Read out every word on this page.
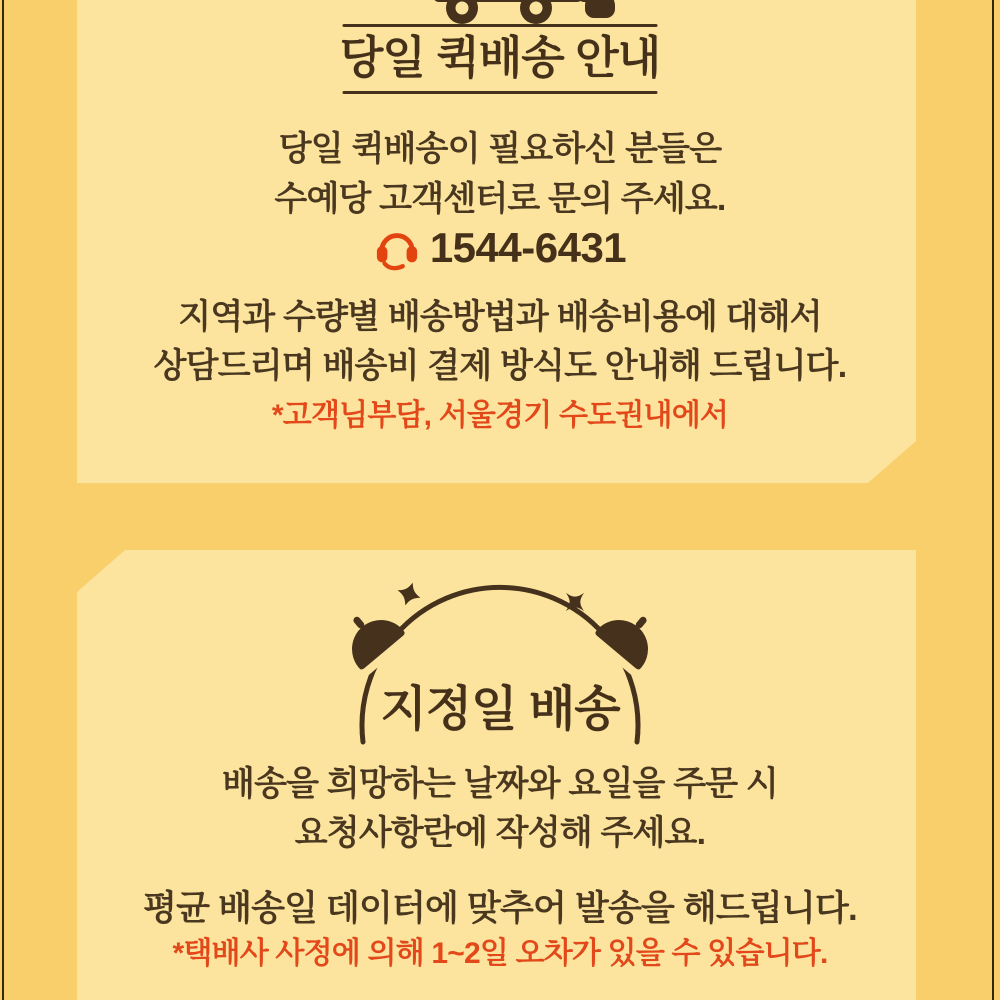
당일 퀵배송 안내
당일 퀵배송이 필요하신 분들은
수예당 고객센터로 문의 주세요.
1544-6431
지역과 수량별 배송방법과 배송비용에 대해서
상담드리며 배송비 결제 방식도 안내해 드립니다.

*고객님부담, 서울경기 수도권내에서

지정일 배송
배송을 희망하는 날짜와 요일을 주문 시
요청사항란에 작성해 주세요.
평균 배송일 데이터에 맞추어 발송을 해드립니다.

*택배사 사정에 의해 1~2일 오차가 있을 수 있습니다.
